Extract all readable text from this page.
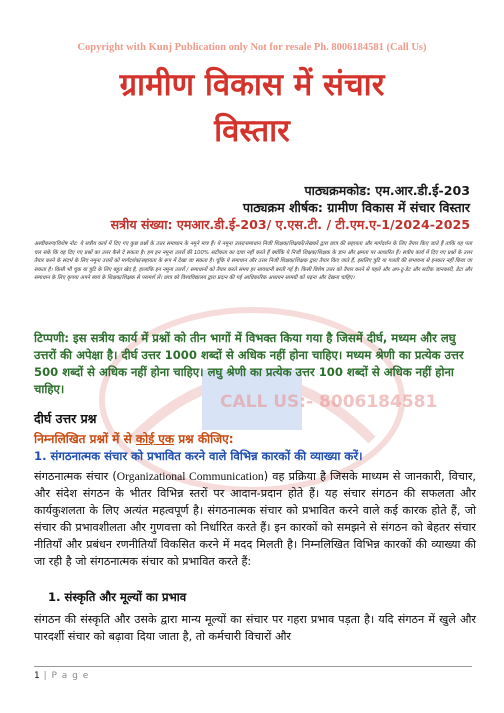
Copyright with Kunj Publication only Not for resale Ph. 8006184581 (Call Us)
ग्रामीण विकास में संचार
विस्तार
पाठ्यक्रमकोड: एम.आर.डी.ई-203
पाठ्यक्रम शीर्षक: ग्रामीण विकास में संचार विस्तार
सत्रीय संख्या: एमआर.डी.ई-203/ ए.एस.टी. / टी.एम.ए-1/2024-2025
अस्वीकरण/विशेष नोट: ये सत्रीय कार्य में दिए गए कुछ प्रश्नों के उत्तर समाधान के नमूने मात्र हैं। ये नमूना उत्तर/समाधान निजी शिक्षक/शिक्षकों/लेखकों द्वारा छात्र की सहायता और मार्गदर्शन के लिए तैयार किए जाते हैं ताकि यह पता चल सके कि वह दिए गए प्रश्नों का उत्तर कैसे दे सकता है। हम इन नमूना उत्तरों की 100% सटीकता का दावा नहीं करते हैं क्योंकि ये निजी शिक्षक/शिक्षक के ज्ञान और क्षमता पर आधारित हैं। सत्रीय कार्य में दिए गए प्रश्नों के उत्तर तैयार करने के संदर्भ के लिए नमूना उत्तरों को मार्गदर्शक/सहायता के रूप में देखा जा सकता है। चूंकि ये समाधान और उत्तर निजी शिक्षक/शिक्षक द्वारा तैयार किए जाते हैं, इसलिए त्रुटि या गलती की संभावना से इनकार नहीं किया जा सकता है। किसी भी चूक या त्रुटि के लिए बहुत खेद है, हालांकि इन नमूना उत्तरों / समाधानों को तैयार करते समय हर सावधानी बरती गई है। किसी विशेष उत्तर को तैयार करने से पहले और अप-टू-डेट और सटीक जानकारी, डेटा और समाधान के लिए कृपया अपने स्वयं के शिक्षक/शिक्षक से परामर्श लें। छात्र को विश्वविद्यालय द्वारा प्रदान की गई आधिकारिक अध्ययन सामग्री को पढ़ना और देखना चाहिए।
टिप्पणी: इस सत्रीय कार्य में प्रश्नों को तीन भागों में विभक्त किया गया है जिसमें दीर्घ, मध्यम और लघु उत्तरों की अपेक्षा है। दीर्घ उत्तर 1000 शब्दों से अधिक नहीं होना चाहिए। मध्यम श्रेणी का प्रत्येक उत्तर 500 शब्दों से अधिक नहीं होना चाहिए। लघु श्रेणी का प्रत्येक उत्तर 100 शब्दों से अधिक नहीं होना चाहिए।
CALL US:- 8006184581
दीर्घ उत्तर प्रश्न
निम्नलिखित प्रश्नों में से कोई एक प्रश्न कीजिए:
1. संगठनात्मक संचार को प्रभावित करने वाले विभिन्न कारकों की व्याख्या करें।
संगठनात्मक संचार (Organizational Communication) वह प्रक्रिया है जिसके माध्यम से जानकारी, विचार, और संदेश संगठन के भीतर विभिन्न स्तरों पर आदान-प्रदान होते हैं। यह संचार संगठन की सफलता और कार्यकुशलता के लिए अत्यंत महत्वपूर्ण है। संगठनात्मक संचार को प्रभावित करने वाले कई कारक होते हैं, जो संचार की प्रभावशीलता और गुणवत्ता को निर्धारित करते हैं। इन कारकों को समझने से संगठन को बेहतर संचार नीतियाँ और प्रबंधन रणनीतियाँ विकसित करने में मदद मिलती है। निम्नलिखित विभिन्न कारकों की व्याख्या की जा रही है जो संगठनात्मक संचार को प्रभावित करते हैं:
1. संस्कृति और मूल्यों का प्रभाव
संगठन की संस्कृति और उसके द्वारा मान्य मूल्यों का संचार पर गहरा प्रभाव पड़ता है। यदि संगठन में खुले और पारदर्शी संचार को बढ़ावा दिया जाता है, तो कर्मचारी विचारों और
1 | P a g e
